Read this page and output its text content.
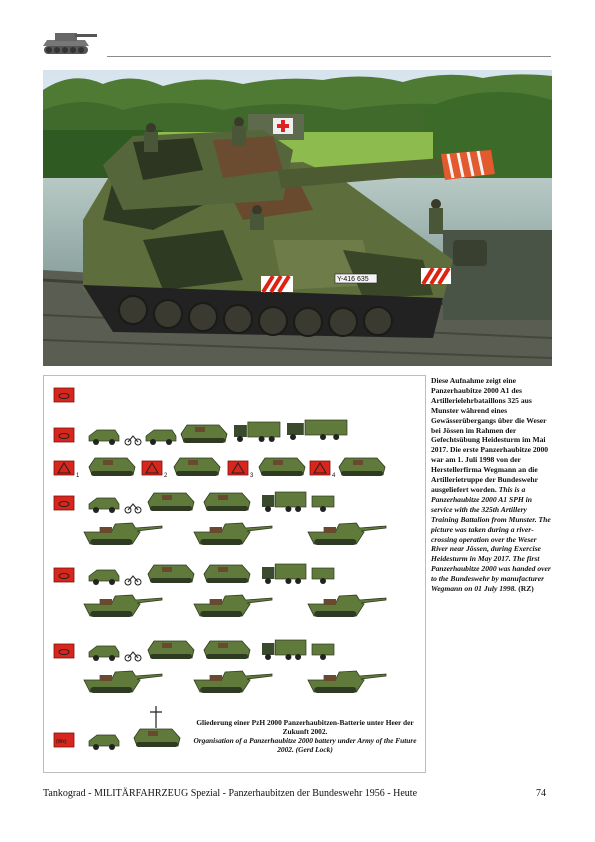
Y-416 635
1	2	3	4
(Wx)
Gliederung einer PzH 2000 Panzerhaubitzen-Batterie unter Heer der Zukunft 2002.
Organisation of a Panzerhaubitze 2000 battery under Army of the Future 2002. (Gerd Lock)
Diese Aufnahme zeigt eine Panzerhaubitze 2000 A1 des Artillerielehrbataillons 325 aus Munster während eines Gewässerübergangs über die Weser bei Jössen im Rahmen der Gefechtsübung Heidesturm im Mai 2017. Die erste Panzerhaubitze 2000 war am 1. Juli 1998 von der Herstellerfirma Wegmann an die Artillerietruppe der Bundeswehr ausgeliefert worden. This is a Panzerhaubitze 2000 A1 SPH in service with the 325th Artillery Training Battalion from Munster. The picture was taken during a river-crossing operation over the Weser River near Jössen, during Exercise Heidesturm in May 2017. The first Panzerhaubitze 2000 was handed over to the Bundeswehr by manufacturer Wegmann on 01 July 1998. (RZ)
Tankograd - MILITÄRFAHRZEUG Spezial - Panzerhaubitzen der Bundeswehr 1956 - Heute	74
